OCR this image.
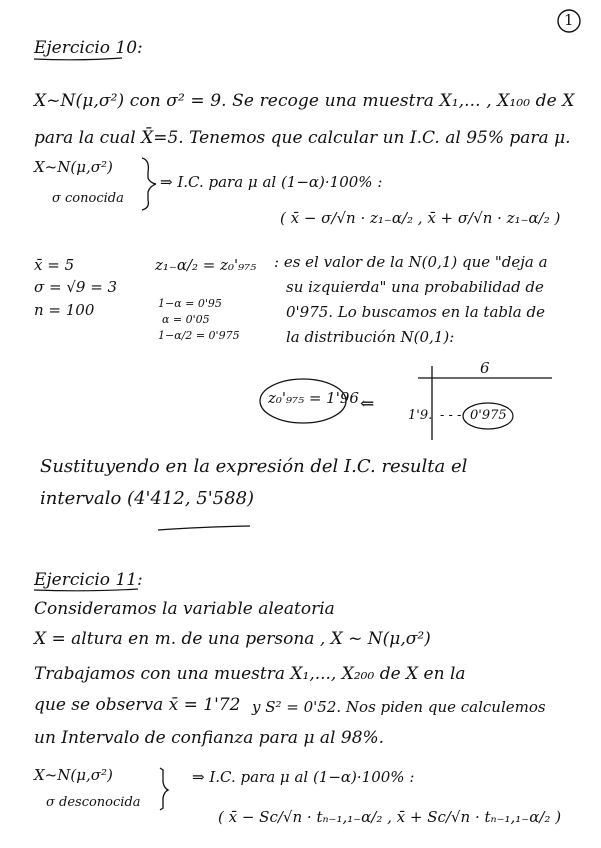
1
Ejercicio 10:
X~N(μ,σ²) con σ² = 9. Se recoge una muestra X₁,... , X₁₀₀ de X
para la cual X̄=5. Tenemos que calcular un I.C. al 95% para μ.
X~N(μ,σ²)
σ conocida
⇒ I.C. para μ al (1−α)·100% :
( x̄ − σ/√n · z₁₋α/₂ , x̄ + σ/√n · z₁₋α/₂ )
x̄ = 5
σ = √9 = 3
n = 100
z₁₋α/₂ = z₀'₉₇₅
1−α = 0'95
α = 0'05
1−α/2 = 0'975
: es el valor de la N(0,1) que "deja a
su izquierda" una probabilidad de
0'975. Lo buscamos en la tabla de
la distribución N(0,1):
z₀'₉₇₅ = 1'96 ⇐
6
1'9. - - - 0'975
Sustituyendo en la expresión del I.C. resulta el
intervalo (4'412, 5'588)
Ejercicio 11:
Consideramos la variable aleatoria
X = altura en m. de una persona , X ~ N(μ,σ²)
Trabajamos con una muestra X₁,..., X₂₀₀ de X en la
que se observa x̄ = 1'72 y S² = 0'52. Nos piden que calculemos
un Intervalo de confianza para μ al 98%.
X~N(μ,σ²)
σ desconocida
⇒ I.C. para μ al (1−α)·100% :
( x̄ − Sc/√n · tₙ₋₁,₁₋α/₂ , x̄ + Sc/√n · tₙ₋₁,₁₋α/₂ )
